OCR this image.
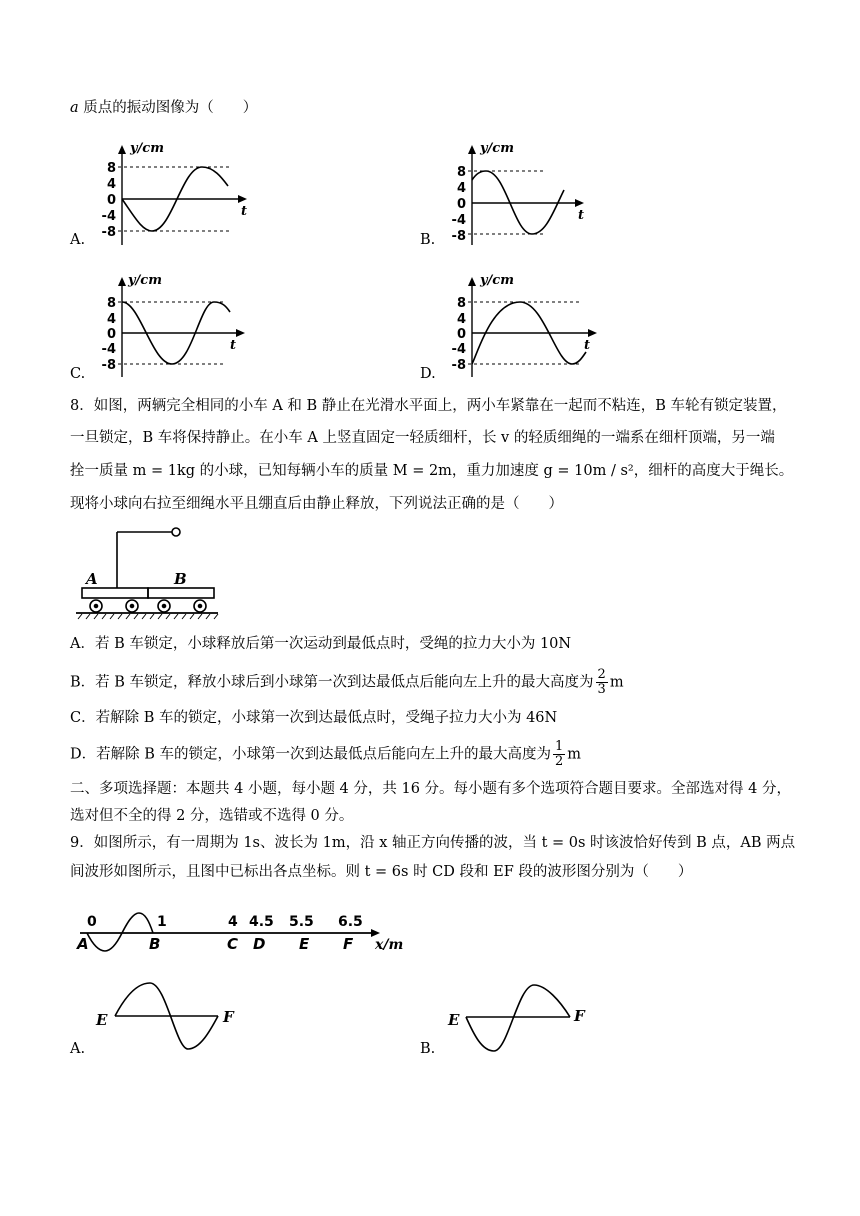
a 质点的振动图像为（　　）
A.
y/cm
t
8
4
0
-4
-8	B.
y/cm
t
8
4
0
-4
-8
C.
y/cm
t
8
4
0
-4
-8
D.
y/cm
t
8
4
0
-4
-8
8．如图，两辆完全相同的小车 A 和 B 静止在光滑水平面上，两小车紧靠在一起而不粘连，B 车轮有锁定装置，
一旦锁定，B 车将保持静止。在小车 A 上竖直固定一轻质细杆，长 v 的轻质细绳的一端系在细杆顶端，另一端
拴一质量 m = 1kg 的小球，已知每辆小车的质量 M = 2m，重力加速度 g = 10m / s²，细杆的高度大于绳长。
现将小球向右拉至细绳水平且绷直后由静止释放，下列说法正确的是（　　）
A	B
A．若 B 车锁定，小球释放后第一次运动到最低点时，受绳的拉力大小为 10N
B．若 B 车锁定，释放小球后到小球第一次到达最低点后能向左上升的最大高度为 $\frac{2}{3}$ m
C．若解除 B 车的锁定，小球第一次到达最低点时，受绳子拉力大小为 46N
D．若解除 B 车的锁定，小球第一次到达最低点后能向左上升的最大高度为 $\frac{1}{2}$ m
二、多项选择题：本题共 4 小题，每小题 4 分，共 16 分。每小题有多个选项符合题目要求。全部选对得 4 分，
选对但不全的得 2 分，选错或不选得 0 分。
9．如图所示，有一周期为 1s、波长为 1m，沿 x 轴正方向传播的波，当 t = 0s 时该波恰好传到 B 点，AB 两点
间波形如图所示，且图中已标出各点坐标。则 t = 6s 时 CD 段和 EF 段的波形图分别为（　　）
0	1	4 4.5 5.5 6.5
A	B	C D E F x/m
A.
E	F
B.
E	F
